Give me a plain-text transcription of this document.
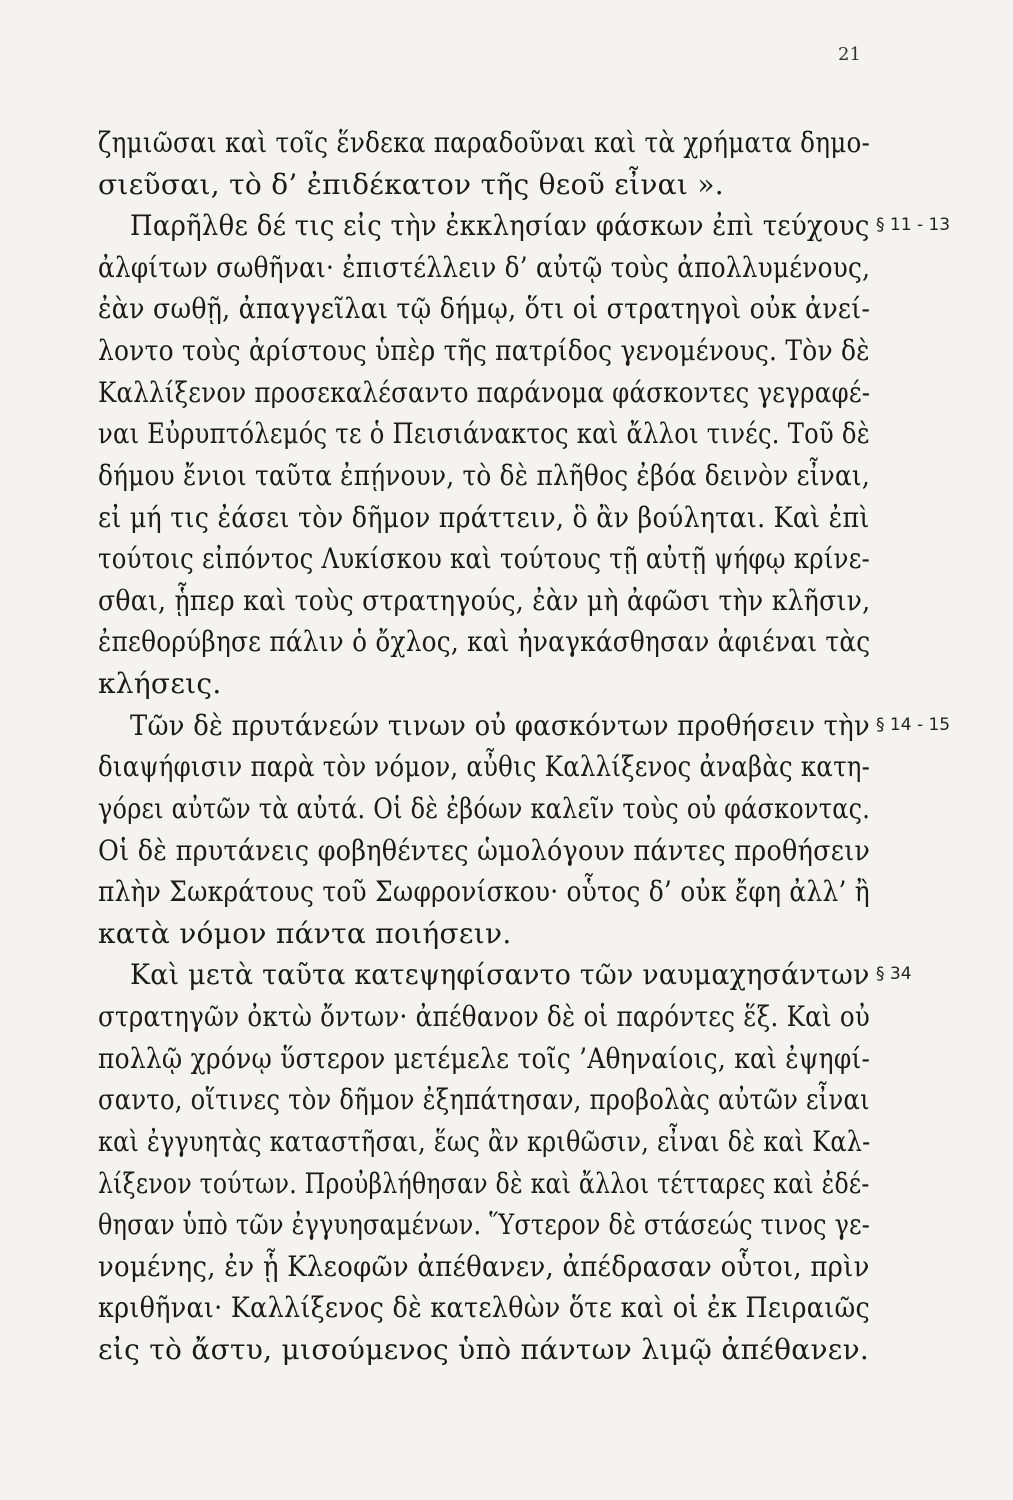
21
ζημιῶσαι καὶ τοῖς ἕνδεκα παραδοῦναι καὶ τὰ χρήματα δημο-
σιεῦσαι, τὸ δ’ ἐπιδέκατον τῆς θεοῦ εἶναι ».
Παρῆλθε δέ τις εἰς τὴν ἐκκλησίαν φάσκων ἐπὶ τεύχους
ἀλφίτων σωθῆναι· ἐπιστέλλειν δ’ αὐτῷ τοὺς ἀπολλυμένους,
ἐὰν σωθῇ, ἀπαγγεῖλαι τῷ δήμῳ, ὅτι οἱ στρατηγοὶ οὐκ ἀνεί-
λοντο τοὺς ἀρίστους ὑπὲρ τῆς πατρίδος γενομένους. Τὸν δὲ
Καλλίξενον προσεκαλέσαντο παράνομα φάσκοντες γεγραφέ-
ναι Εὐρυπτόλεμός τε ὁ Πεισιάνακτος καὶ ἄλλοι τινές. Τοῦ δὲ
δήμου ἔνιοι ταῦτα ἐπῄνουν, τὸ δὲ πλῆθος ἐβόα δεινὸν εἶναι,
εἰ μή τις ἐάσει τὸν δῆμον πράττειν, ὃ ἂν βούληται. Καὶ ἐπὶ
τούτοις εἰπόντος Λυκίσκου καὶ τούτους τῇ αὐτῇ ψήφῳ κρίνε-
σθαι, ᾗπερ καὶ τοὺς στρατηγούς, ἐὰν μὴ ἀφῶσι τὴν κλῆσιν,
ἐπεθορύβησε πάλιν ὁ ὄχλος, καὶ ἠναγκάσθησαν ἀφιέναι τὰς
κλήσεις.
Τῶν δὲ πρυτάνεών τινων οὐ φασκόντων προθήσειν τὴν
διαψήφισιν παρὰ τὸν νόμον, αὖθις Καλλίξενος ἀναβὰς κατη-
γόρει αὐτῶν τὰ αὐτά. Οἱ δὲ ἐβόων καλεῖν τοὺς οὐ φάσκοντας.
Οἱ δὲ πρυτάνεις φοβηθέντες ὡμολόγουν πάντες προθήσειν
πλὴν Σωκράτους τοῦ Σωφρονίσκου· οὗτος δ’ οὐκ ἔφη ἀλλ’ ἢ
κατὰ νόμον πάντα ποιήσειν.
Καὶ μετὰ ταῦτα κατεψηφίσαντο τῶν ναυμαχησάντων
στρατηγῶν ὀκτὼ ὄντων· ἀπέθανον δὲ οἱ παρόντες ἕξ. Καὶ οὐ
πολλῷ χρόνῳ ὕστερον μετέμελε τοῖς ’Αθηναίοις, καὶ ἐψηφί-
σαντο, οἵτινες τὸν δῆμον ἐξηπάτησαν, προβολὰς αὐτῶν εἶναι
καὶ ἐγγυητὰς καταστῆσαι, ἕως ἂν κριθῶσιν, εἶναι δὲ καὶ Καλ-
λίξενον τούτων. Προὐβλήθησαν δὲ καὶ ἄλλοι τέτταρες καὶ ἐδέ-
θησαν ὑπὸ τῶν ἐγγυησαμένων. Ὕστερον δὲ στάσεώς τινος γε-
νομένης, ἐν ᾗ Κλεοφῶν ἀπέθανεν, ἀπέδρασαν οὗτοι, πρὶν
κριθῆναι· Καλλίξενος δὲ κατελθὼν ὅτε καὶ οἱ ἐκ Πειραιῶς
εἰς τὸ ἄστυ, μισούμενος ὑπὸ πάντων λιμῷ ἀπέθανεν.
§ 11 - 13
§ 14 - 15
§ 34
